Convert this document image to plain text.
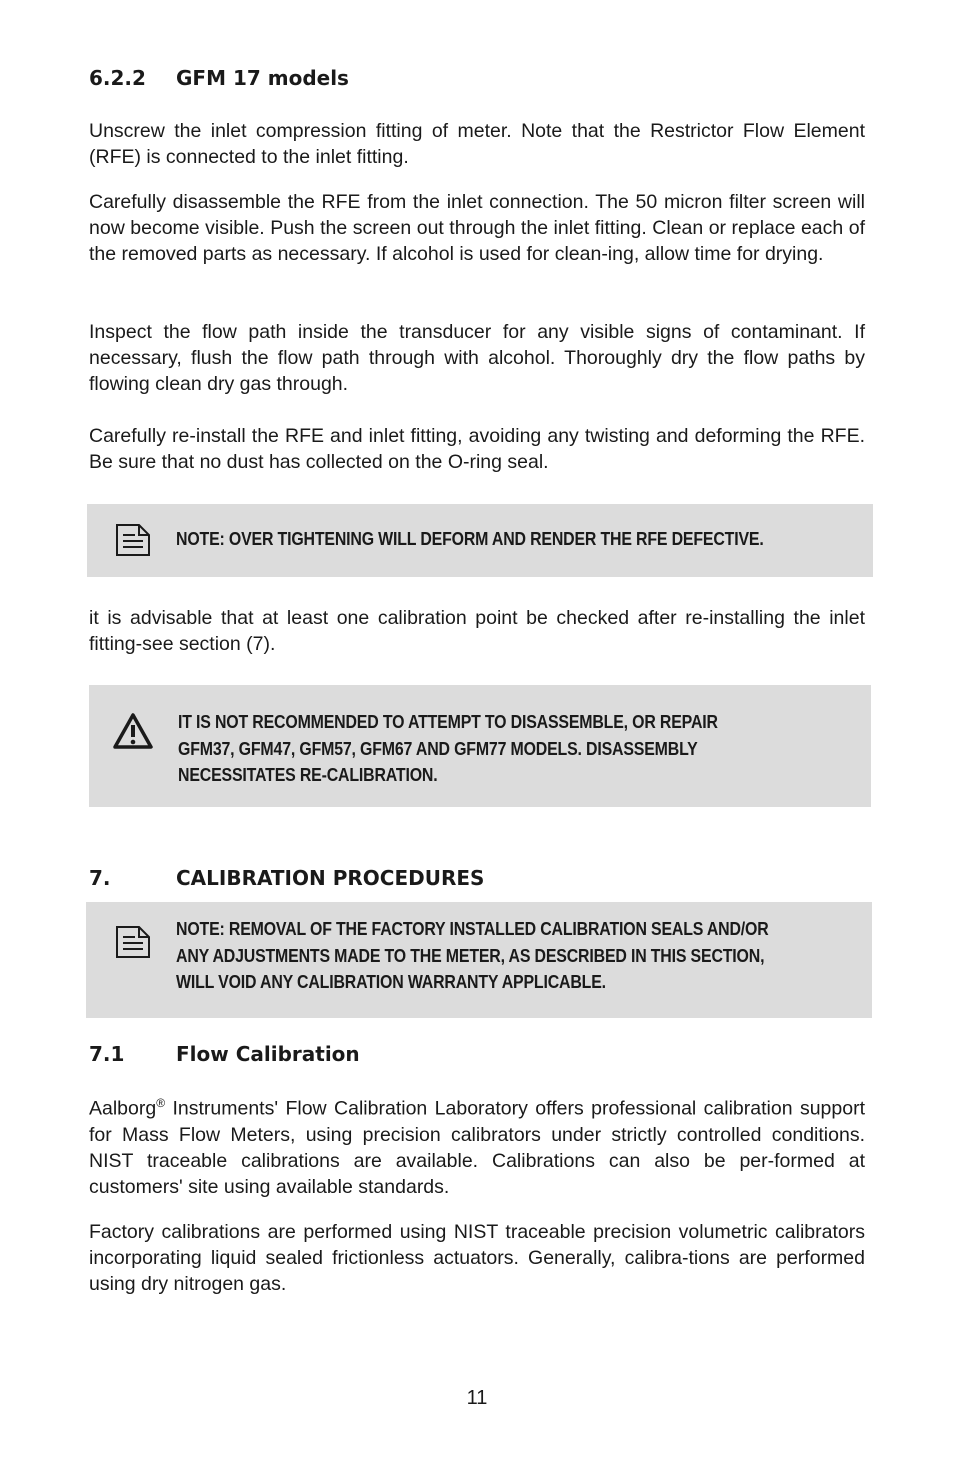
6.2.2 GFM 17 models

Unscrew the inlet compression fitting of meter. Note that the Restrictor Flow Element (RFE) is connected to the inlet fitting.

Carefully disassemble the RFE from the inlet connection. The 50 micron filter screen will now become visible. Push the screen out through the inlet fitting. Clean or replace each of the removed parts as necessary. If alcohol is used for clean-ing, allow time for drying.

Inspect the flow path inside the transducer for any visible signs of contaminant. If necessary, flush the flow path through with alcohol. Thoroughly dry the flow paths by flowing clean dry gas through.

Carefully re-install the RFE and inlet fitting, avoiding any twisting and deforming the RFE. Be sure that no dust has collected on the O-ring seal.

NOTE: OVER TIGHTENING WILL DEFORM AND RENDER THE RFE DEFECTIVE.

it is advisable that at least one calibration point be checked after re-installing the inlet fitting-see section (7).

IT IS NOT RECOMMENDED TO ATTEMPT TO DISASSEMBLE, OR REPAIR
GFM37, GFM47, GFM57, GFM67 AND GFM77 MODELS. DISASSEMBLY
NECESSITATES RE-CALIBRATION.

7.	CALIBRATION PROCEDURES

NOTE: REMOVAL OF THE FACTORY INSTALLED CALIBRATION SEALS AND/OR
ANY ADJUSTMENTS MADE TO THE METER, AS DESCRIBED IN THIS SECTION,
WILL VOID ANY CALIBRATION WARRANTY APPLICABLE.

7.1	Flow Calibration

Aalborg® Instruments' Flow Calibration Laboratory offers professional calibration support for Mass Flow Meters, using precision calibrators under strictly controlled conditions. NIST traceable calibrations are available. Calibrations can also be per-formed at customers' site using available standards.

Factory calibrations are performed using NIST traceable precision volumetric calibrators incorporating liquid sealed frictionless actuators. Generally, calibra-tions are performed using dry nitrogen gas.

11
